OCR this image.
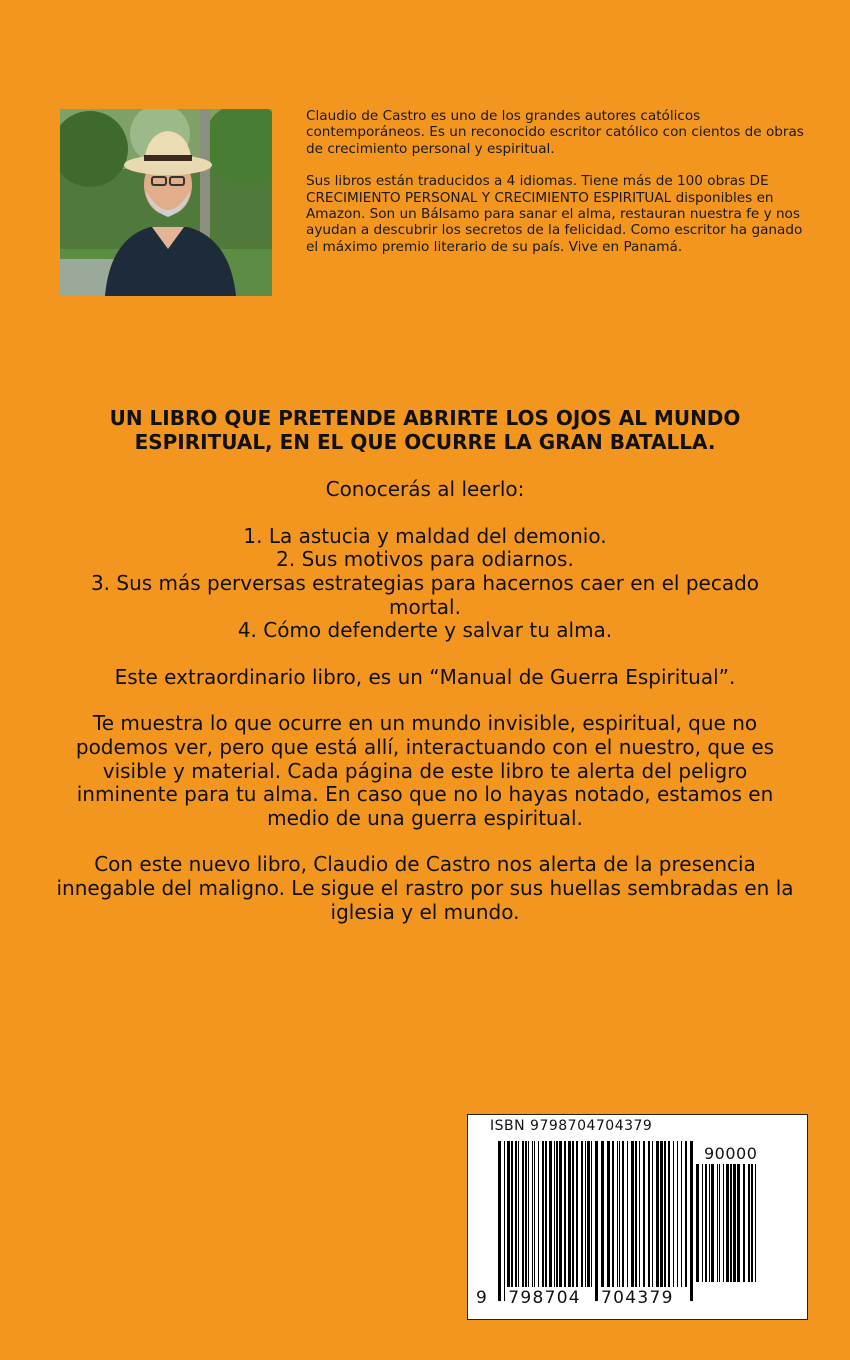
Claudio de Castro es uno de los grandes autores católicos contemporáneos. Es un reconocido escritor católico con cientos de obras de crecimiento personal y espiritual.

Sus libros están traducidos a 4 idiomas. Tiene más de 100 obras DE CRECIMIENTO PERSONAL Y CRECIMIENTO ESPIRITUAL disponibles en Amazon. Son un Bálsamo para sanar el alma, restauran nuestra fe y nos ayudan a descubrir los secretos de la felicidad. Como escritor ha ganado el máximo premio literario de su país. Vive en Panamá.

UN LIBRO QUE PRETENDE ABRIRTE LOS OJOS AL MUNDO ESPIRITUAL, EN EL QUE OCURRE LA GRAN BATALLA.

Conocerás al leerlo:

1. La astucia y maldad del demonio.
2. Sus motivos para odiarnos.
3. Sus más perversas estrategias para hacernos caer en el pecado mortal.
4. Cómo defenderte y salvar tu alma.

Este extraordinario libro, es un “Manual de Guerra Espiritual”.

Te muestra lo que ocurre en un mundo invisible, espiritual, que no podemos ver, pero que está allí, interactuando con el nuestro, que es visible y material. Cada página de este libro te alerta del peligro inminente para tu alma. En caso que no lo hayas notado, estamos en medio de una guerra espiritual.

Con este nuevo libro, Claudio de Castro nos alerta de la presencia innegable del maligno. Le sigue el rastro por sus huellas sembradas en la iglesia y el mundo.

ISBN 9798704704379
90000
9   798704   704379
